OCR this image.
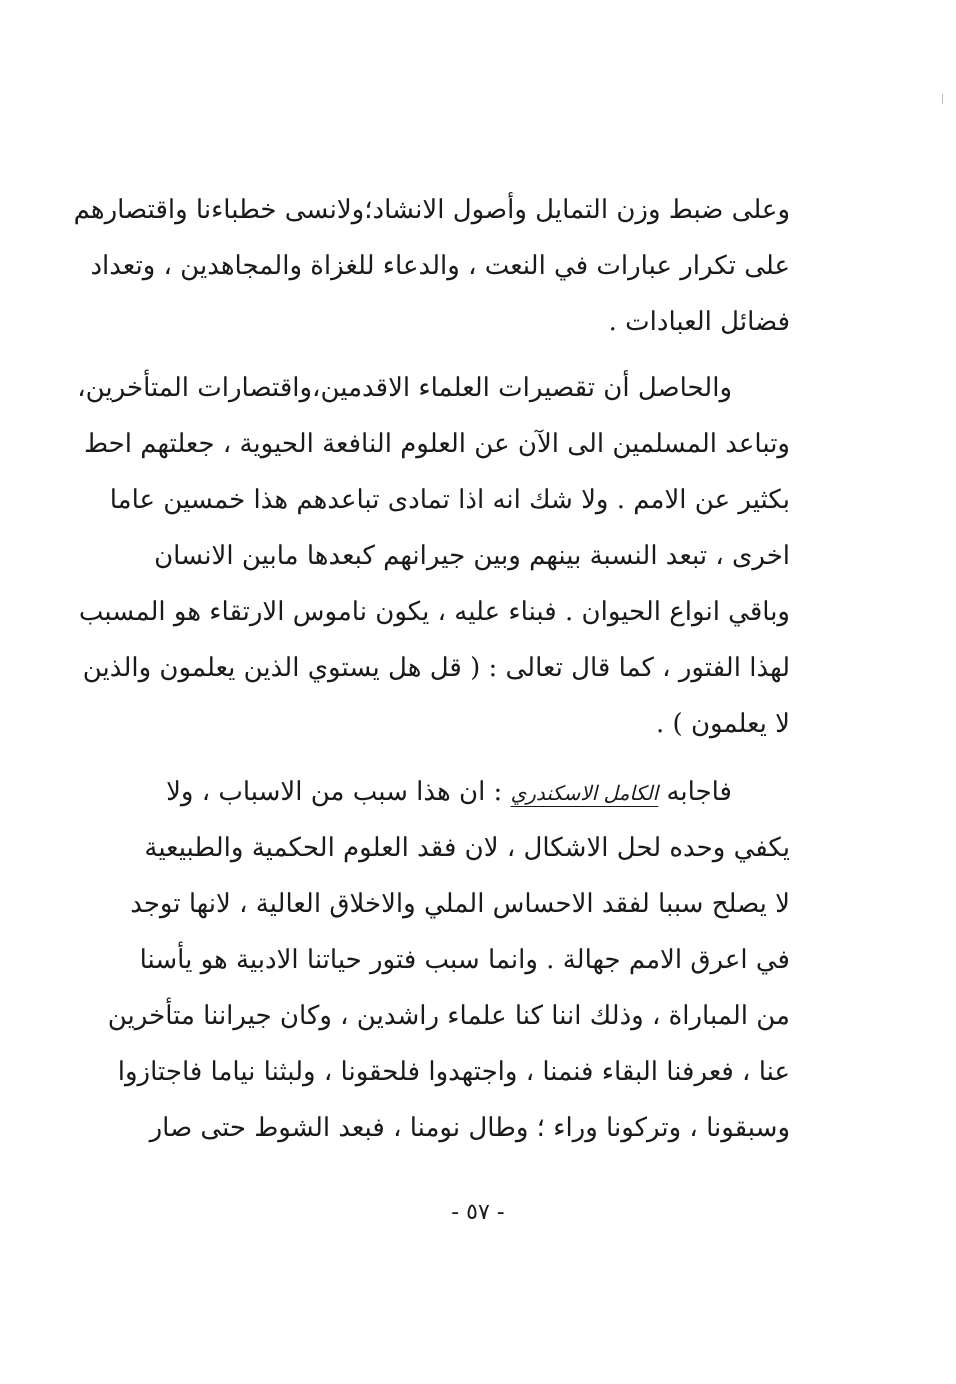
وعلى ضبط وزن التمايل وأصول الانشاد؛ولانسى خطباءنا واقتصارهم
على تكرار عبارات في النعت ، والدعاء للغزاة والمجاهدين ، وتعداد
فضائل العبادات .
والحاصل أن تقصيرات العلماء الاقدمين،واقتصارات المتأخرين،
وتباعد المسلمين الى الآن عن العلوم النافعة الحيوية ، جعلتهم احط
بكثير عن الامم . ولا شك انه اذا تمادى تباعدهم هذا خمسين عاما
اخرى ، تبعد النسبة بينهم وبين جيرانهم كبعدها مابين الانسان
وباقي انواع الحيوان . فبناء عليه ، يكون ناموس الارتقاء هو المسبب
لهذا الفتور ، كما قال تعالى : ( قل هل يستوي الذين يعلمون والذين
لا يعلمون ) .
فاجابه الكامل الاسكندري : ان هذا سبب من الاسباب ، ولا
يكفي وحده لحل الاشكال ، لان فقد العلوم الحكمية والطبيعية
لا يصلح سببا لفقد الاحساس الملي والاخلاق العالية ، لانها توجد
في اعرق الامم جهالة . وانما سبب فتور حياتنا الادبية هو يأسنا
من المباراة ، وذلك اننا كنا علماء راشدين ، وكان جيراننا متأخرين
عنا ، فعرفنا البقاء فنمنا ، واجتهدوا فلحقونا ، ولبثنا نياما فاجتازوا
وسبقونا ، وتركونا وراء ؛ وطال نومنا ، فبعد الشوط حتى صار
- ٥٧ -
